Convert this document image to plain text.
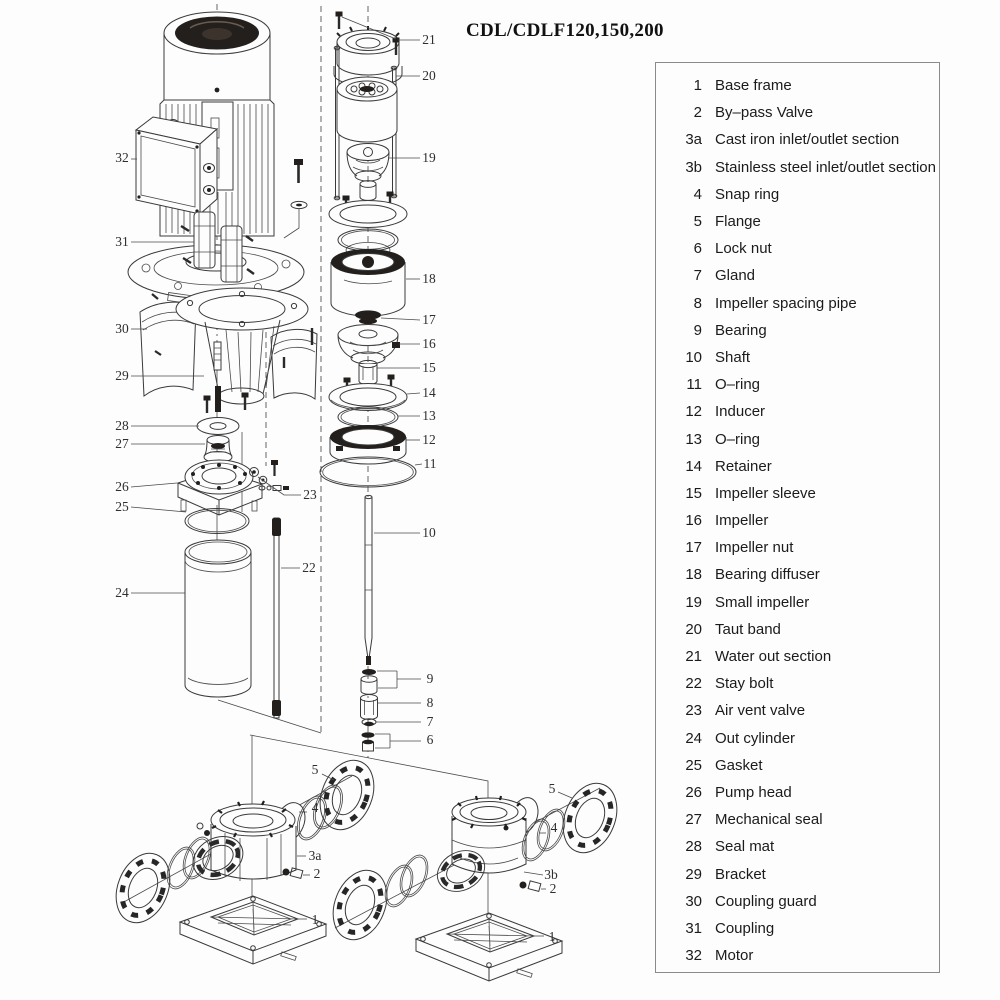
CDL/CDLF120,150,200
32
31
30
29
28
27
26
25
24
23
22
21
20
19
18
17
16
15
14
13
12
11
10
9
8
7
6
5
4
3a
2
1
5
4
3b
2
1
1 Base frame
2 By–pass Valve
3a Cast iron inlet/outlet section
3b Stainless steel inlet/outlet section
4 Snap ring
5 Flange
6 Lock nut
7 Gland
8 Impeller spacing pipe
9 Bearing
10 Shaft
11 O–ring
12 Inducer
13 O–ring
14 Retainer
15 Impeller sleeve
16 Impeller
17 Impeller nut
18 Bearing diffuser
19 Small impeller
20 Taut band
21 Water out section
22 Stay bolt
23 Air vent valve
24 Out cylinder
25 Gasket
26 Pump head
27 Mechanical seal
28 Seal mat
29 Bracket
30 Coupling guard
31 Coupling
32 Motor
